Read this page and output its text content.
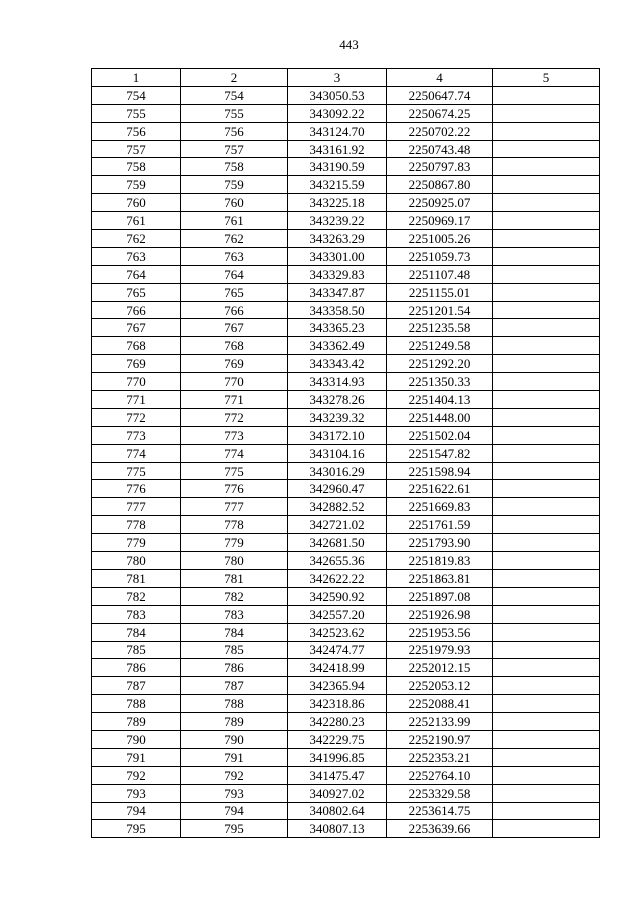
443
1	2	3	4	5
754	754	343050.53	2250647.74	
755	755	343092.22	2250674.25	
756	756	343124.70	2250702.22	
757	757	343161.92	2250743.48	
758	758	343190.59	2250797.83	
759	759	343215.59	2250867.80	
760	760	343225.18	2250925.07	
761	761	343239.22	2250969.17	
762	762	343263.29	2251005.26	
763	763	343301.00	2251059.73	
764	764	343329.83	2251107.48	
765	765	343347.87	2251155.01	
766	766	343358.50	2251201.54	
767	767	343365.23	2251235.58	
768	768	343362.49	2251249.58	
769	769	343343.42	2251292.20	
770	770	343314.93	2251350.33	
771	771	343278.26	2251404.13	
772	772	343239.32	2251448.00	
773	773	343172.10	2251502.04	
774	774	343104.16	2251547.82	
775	775	343016.29	2251598.94	
776	776	342960.47	2251622.61	
777	777	342882.52	2251669.83	
778	778	342721.02	2251761.59	
779	779	342681.50	2251793.90	
780	780	342655.36	2251819.83	
781	781	342622.22	2251863.81	
782	782	342590.92	2251897.08	
783	783	342557.20	2251926.98	
784	784	342523.62	2251953.56	
785	785	342474.77	2251979.93	
786	786	342418.99	2252012.15	
787	787	342365.94	2252053.12	
788	788	342318.86	2252088.41	
789	789	342280.23	2252133.99	
790	790	342229.75	2252190.97	
791	791	341996.85	2252353.21	
792	792	341475.47	2252764.10	
793	793	340927.02	2253329.58	
794	794	340802.64	2253614.75	
795	795	340807.13	2253639.66	
